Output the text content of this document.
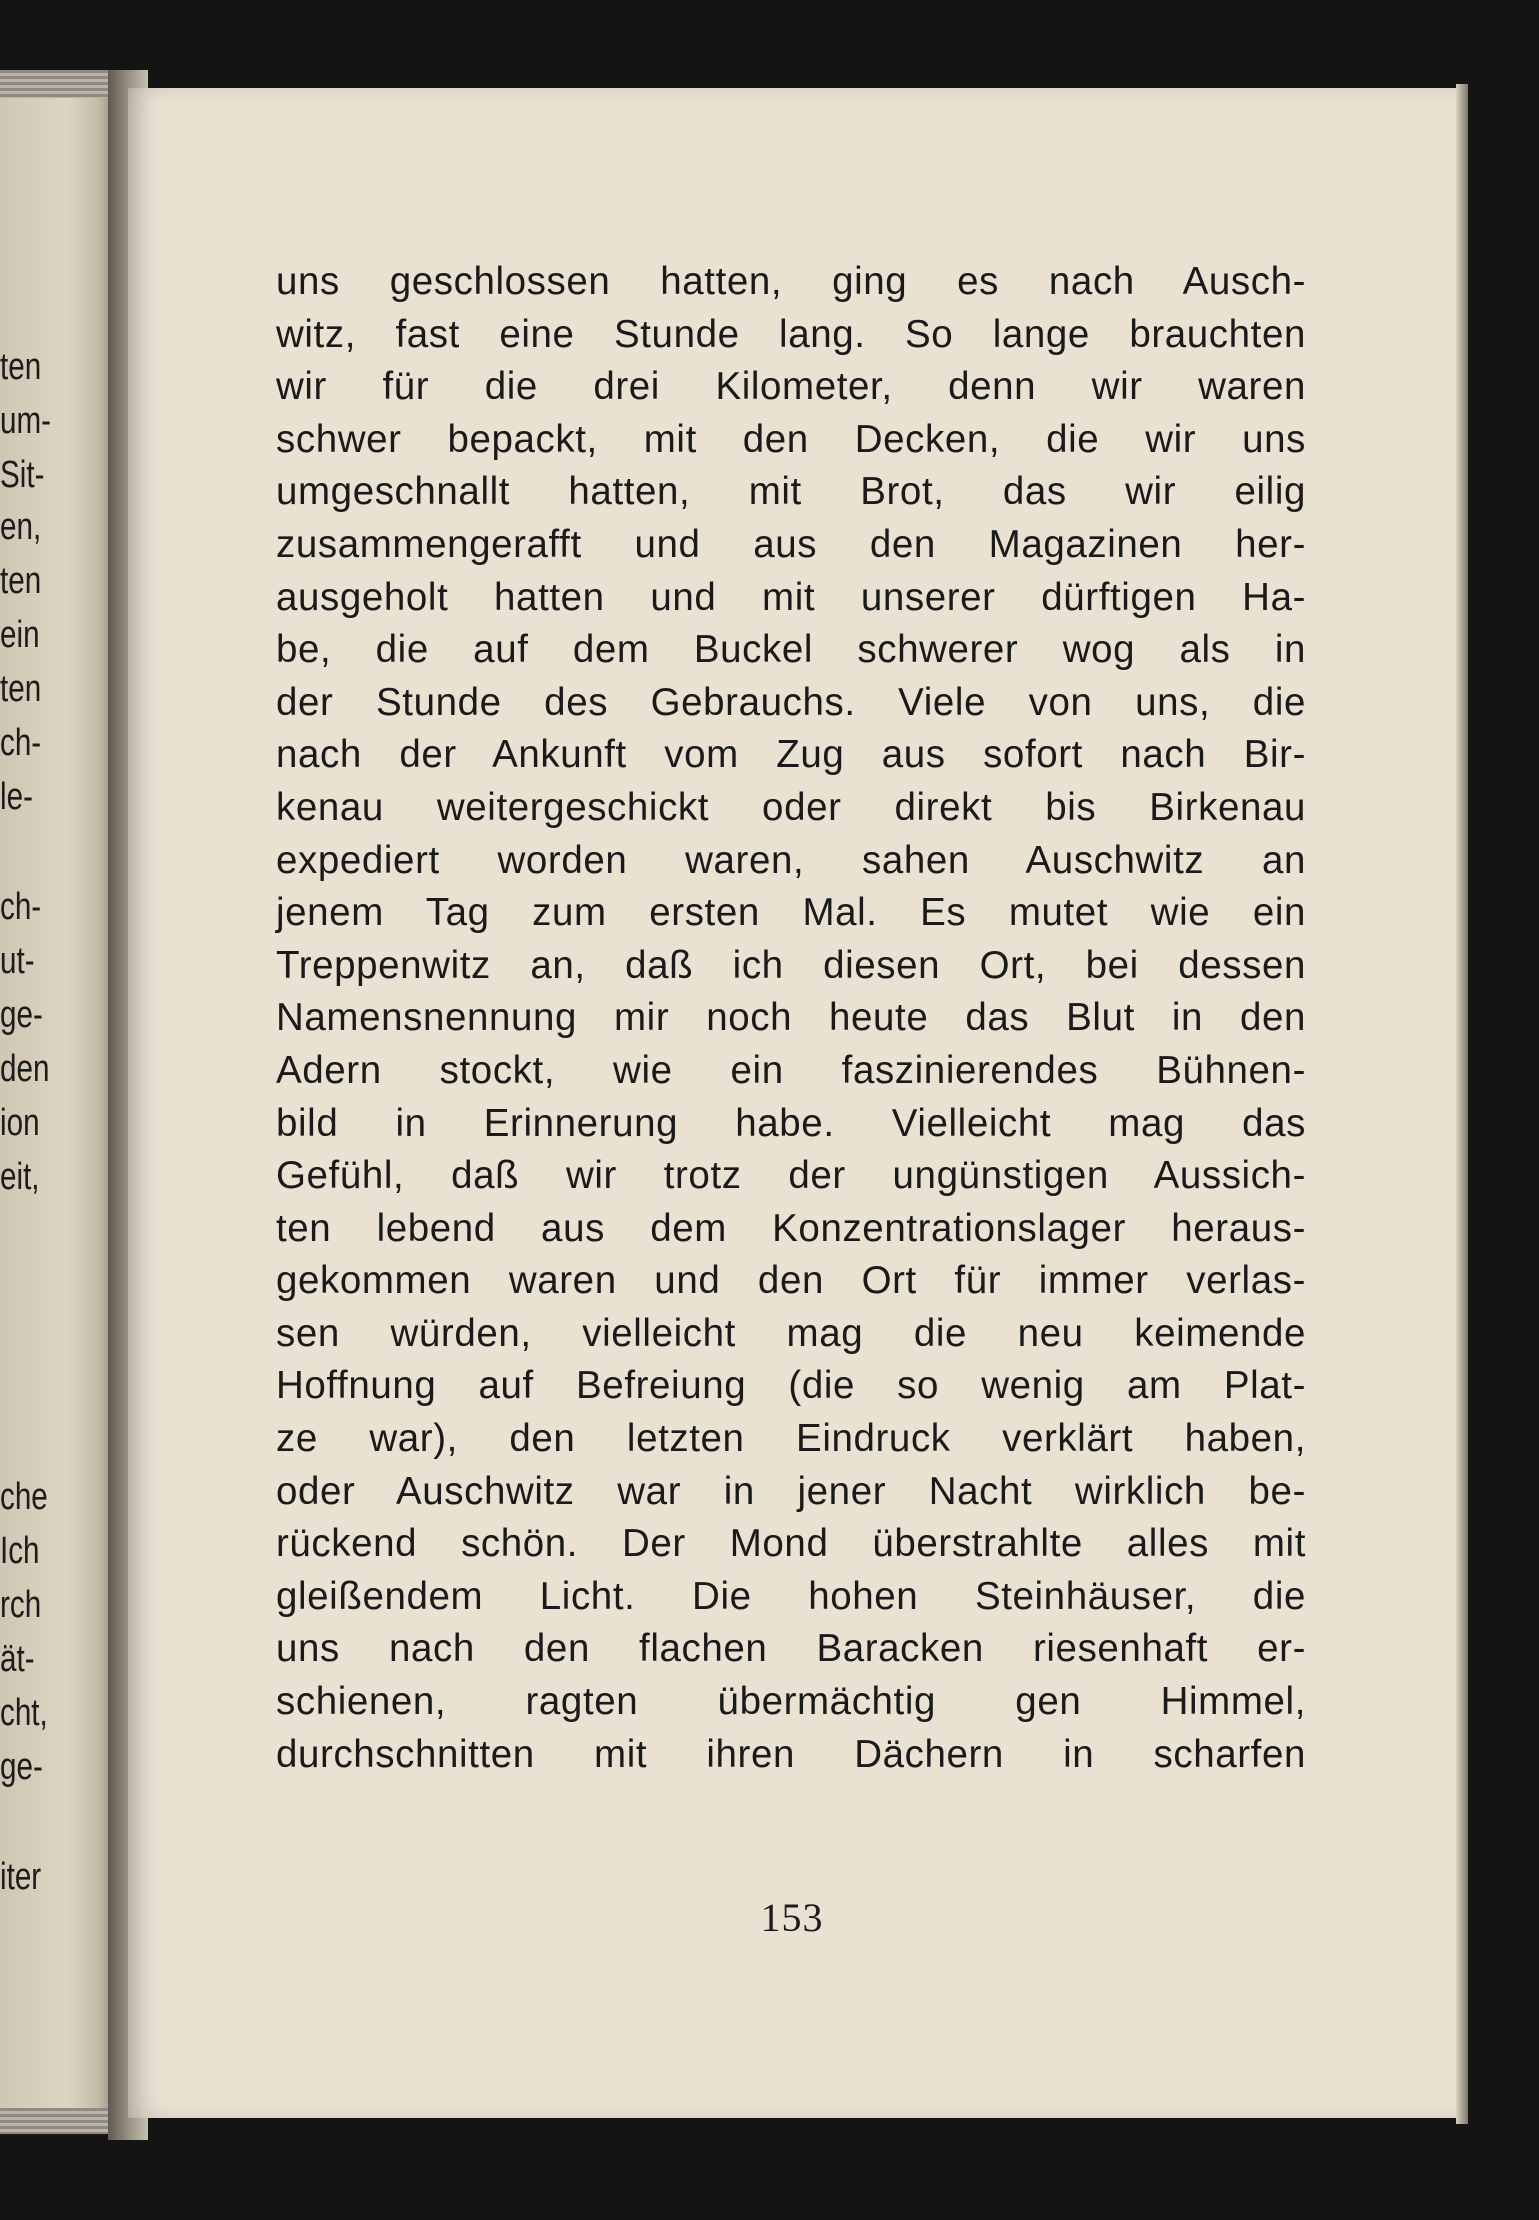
ten
um-
Sit-
en,
ten
ein
ten
ch-
le-
ch-
ut-
ge-
den
ion
eit,
che
Ich
rch
ät-
cht,
ge-
iter
uns geschlossen hatten, ging es nach Ausch-
witz, fast eine Stunde lang. So lange brauchten
wir für die drei Kilometer, denn wir waren
schwer bepackt, mit den Decken, die wir uns
umgeschnallt hatten, mit Brot, das wir eilig
zusammengerafft und aus den Magazinen her-
ausgeholt hatten und mit unserer dürftigen Ha-
be, die auf dem Buckel schwerer wog als in
der Stunde des Gebrauchs. Viele von uns, die
nach der Ankunft vom Zug aus sofort nach Bir-
kenau weitergeschickt oder direkt bis Birkenau
expediert worden waren, sahen Auschwitz an
jenem Tag zum ersten Mal. Es mutet wie ein
Treppenwitz an, daß ich diesen Ort, bei dessen
Namensnennung mir noch heute das Blut in den
Adern stockt, wie ein faszinierendes Bühnen-
bild in Erinnerung habe. Vielleicht mag das
Gefühl, daß wir trotz der ungünstigen Aussich-
ten lebend aus dem Konzentrationslager heraus-
gekommen waren und den Ort für immer verlas-
sen würden, vielleicht mag die neu keimende
Hoffnung auf Befreiung (die so wenig am Plat-
ze war), den letzten Eindruck verklärt haben,
oder Auschwitz war in jener Nacht wirklich be-
rückend schön. Der Mond überstrahlte alles mit
gleißendem Licht. Die hohen Steinhäuser, die
uns nach den flachen Baracken riesenhaft er-
schienen, ragten übermächtig gen Himmel,
durchschnitten mit ihren Dächern in scharfen
153
